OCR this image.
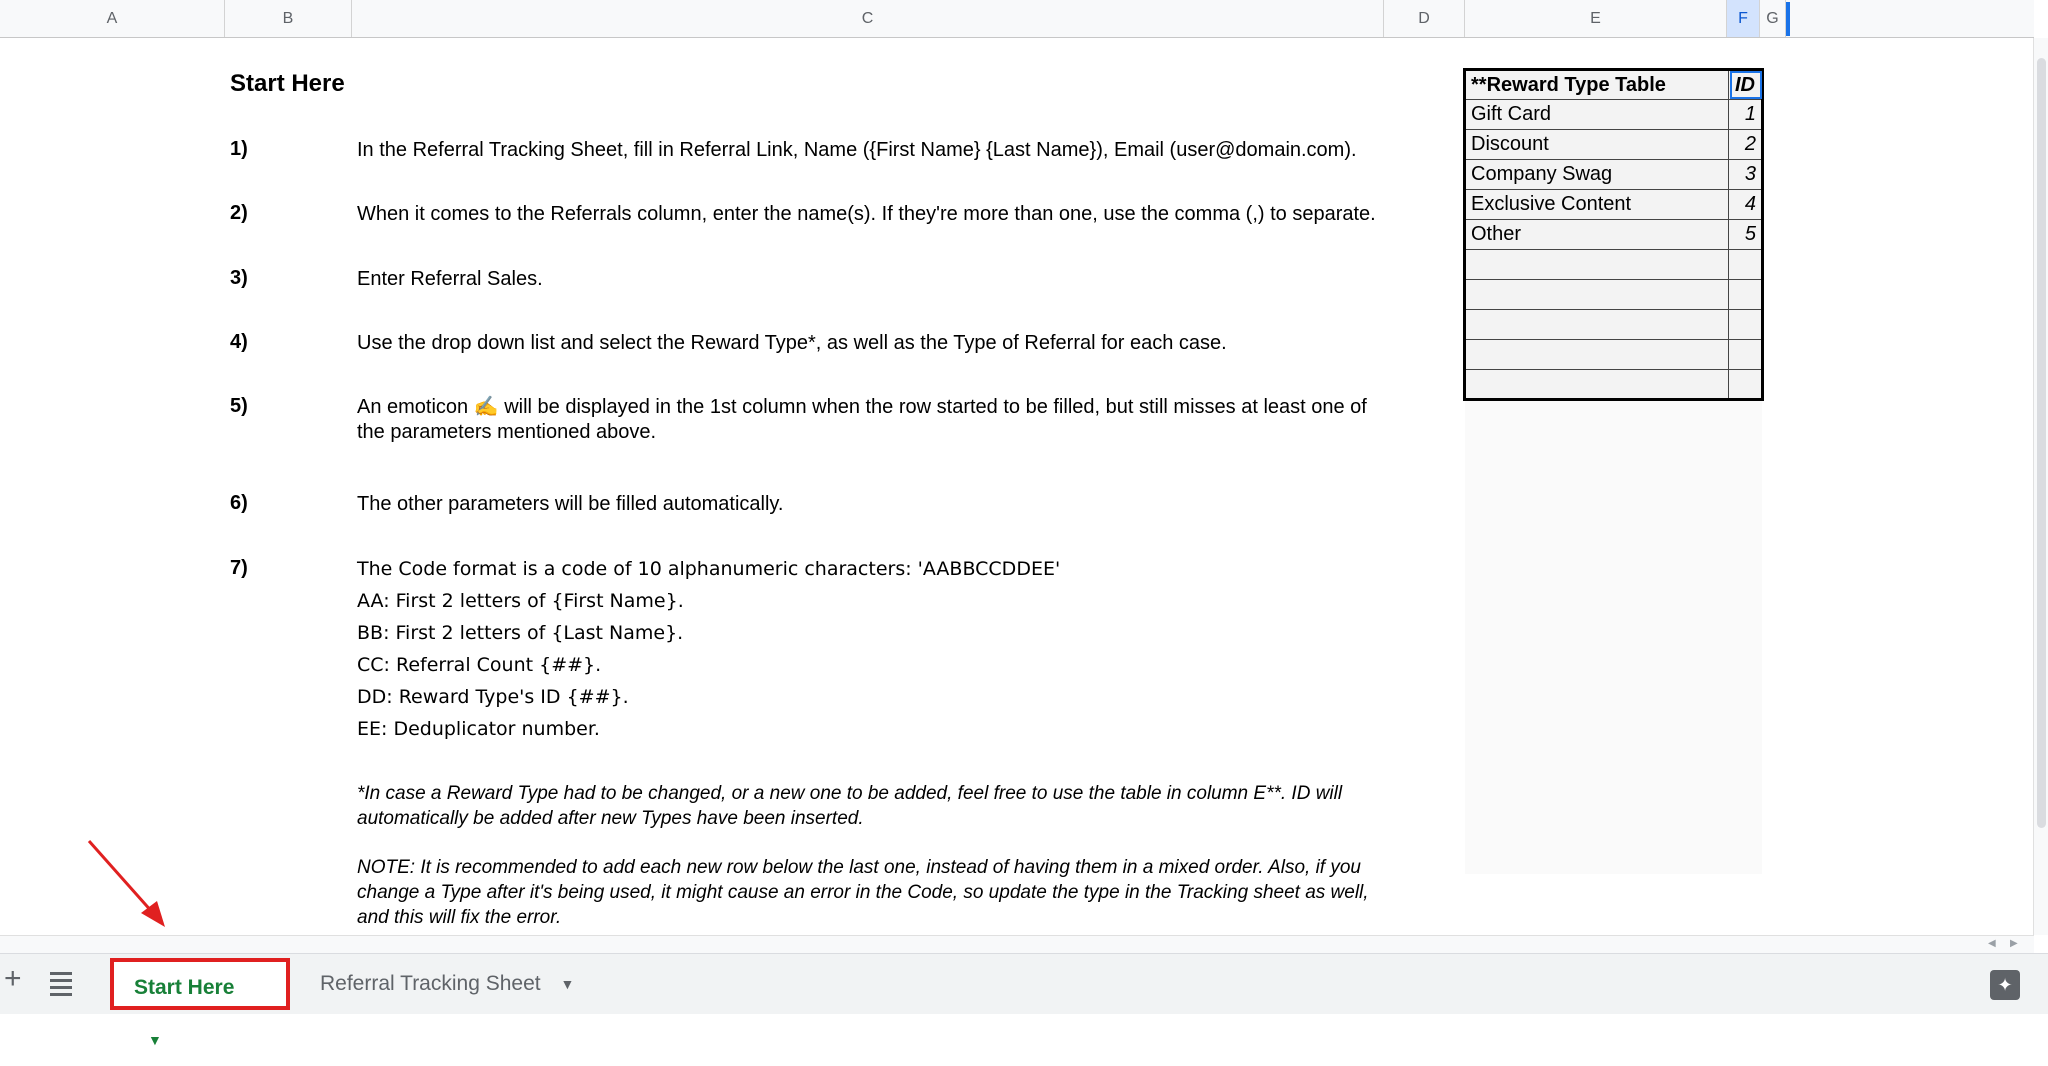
A	B	C	D	E	F	G
Start Here
1)	In the Referral Tracking Sheet, fill in Referral Link, Name ({First Name} {Last Name}), Email (user@domain.com).
2)	When it comes to the Referrals column, enter the name(s). If they're more than one, use the comma (,) to separate.
3)	Enter Referral Sales.
4)	Use the drop down list and select the Reward Type*, as well as the Type of Referral for each case.
5)	An emoticon ✍ will be displayed in the 1st column when the row started to be filled, but still misses at least one of the parameters mentioned above.
6)	The other parameters will be filled automatically.
7)	The Code format is a code of 10 alphanumeric characters: 'AABBCCDDEE'
AA: First 2 letters of {First Name}.
BB: First 2 letters of {Last Name}.
CC: Referral Count {##}.
DD: Reward Type's ID {##}.
EE: Deduplicator number.
*In case a Reward Type had to be changed, or a new one to be added, feel free to use the table in column E**. ID will automatically be added after new Types have been inserted.
NOTE: It is recommended to add each new row below the last one, instead of having them in a mixed order. Also, if you change a Type after it's being used, it might cause an error in the Code, so update the type in the Tracking sheet as well, and this will fix the error.
**Reward Type Table	ID
Gift Card	1
Discount	2
Company Swag	3
Exclusive Content	4
Other	5

◀ ▶
+	Start Here ▼
Referral Tracking Sheet ▼	✦
